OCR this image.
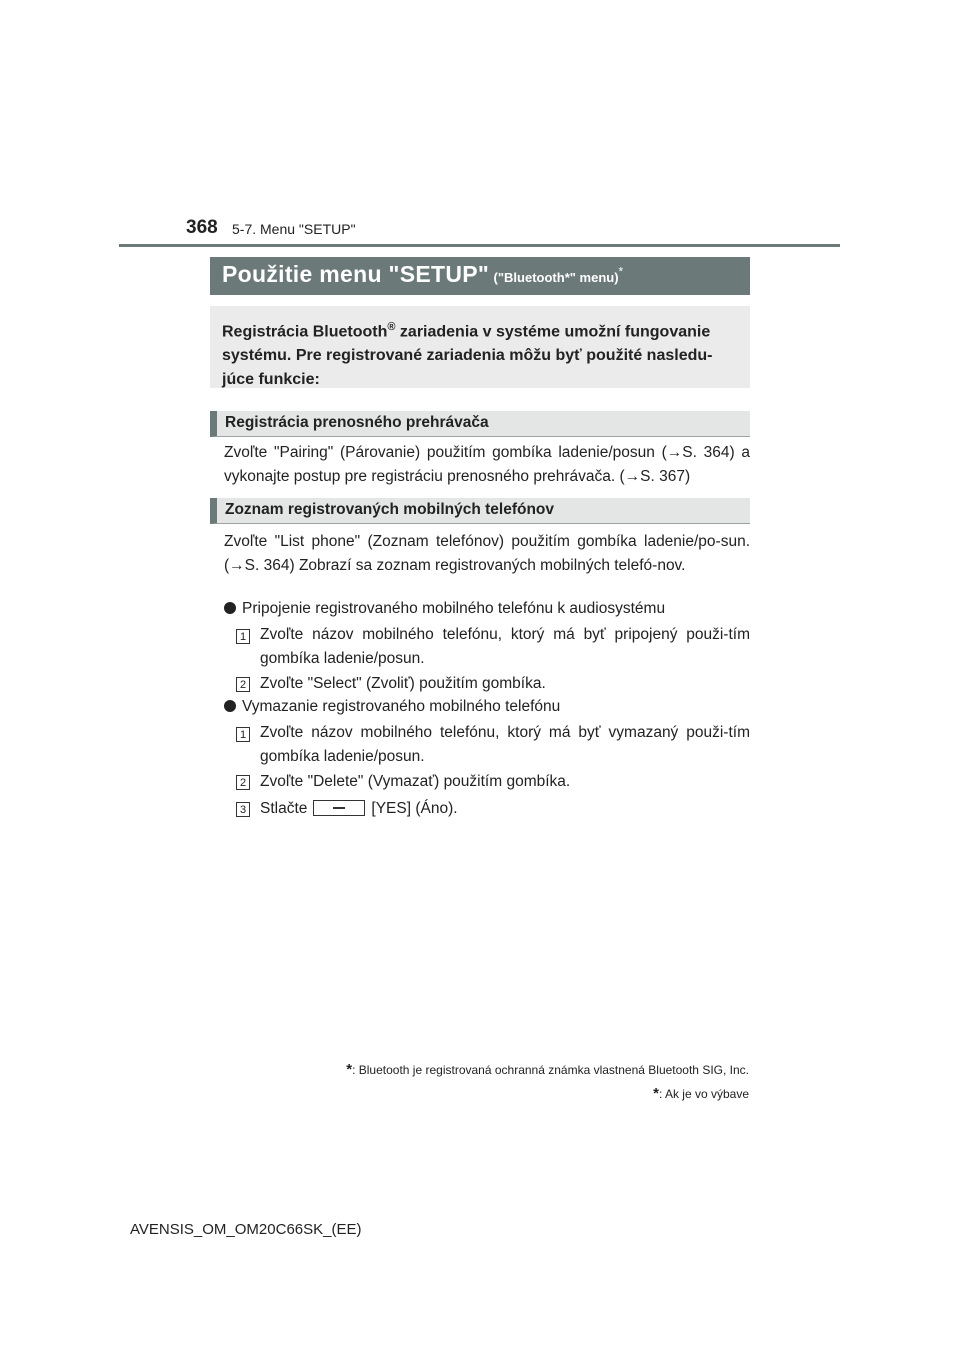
368 5-7. Menu "SETUP"
Použitie menu "SETUP" ("Bluetooth*" menu)*
Registrácia Bluetooth® zariadenia v systéme umožní fungovanie systému. Pre registrované zariadenia môžu byť použité nasledu-júce funkcie:
Registrácia prenosného prehrávača
Zvoľte "Pairing" (Párovanie) použitím gombíka ladenie/posun (→S. 364) a vykonajte postup pre registráciu prenosného prehrávača. (→S. 367)
Zoznam registrovaných mobilných telefónov
Zvoľte "List phone" (Zoznam telefónov) použitím gombíka ladenie/po-sun. (→S. 364) Zobrazí sa zoznam registrovaných mobilných telefó-nov.
Pripojenie registrovaného mobilného telefónu k audiosystému
1 Zvoľte názov mobilného telefónu, ktorý má byť pripojený použi-tím gombíka ladenie/posun.
2 Zvoľte "Select" (Zvoliť) použitím gombíka.
Vymazanie registrovaného mobilného telefónu
1 Zvoľte názov mobilného telefónu, ktorý má byť vymazaný použi-tím gombíka ladenie/posun.
2 Zvoľte "Delete" (Vymazať) použitím gombíka.
3 Stlačte	[YES] (Áno).
*: Bluetooth je registrovaná ochranná známka vlastnená Bluetooth SIG, Inc.
*: Ak je vo výbave
AVENSIS_OM_OM20C66SK_(EE)
